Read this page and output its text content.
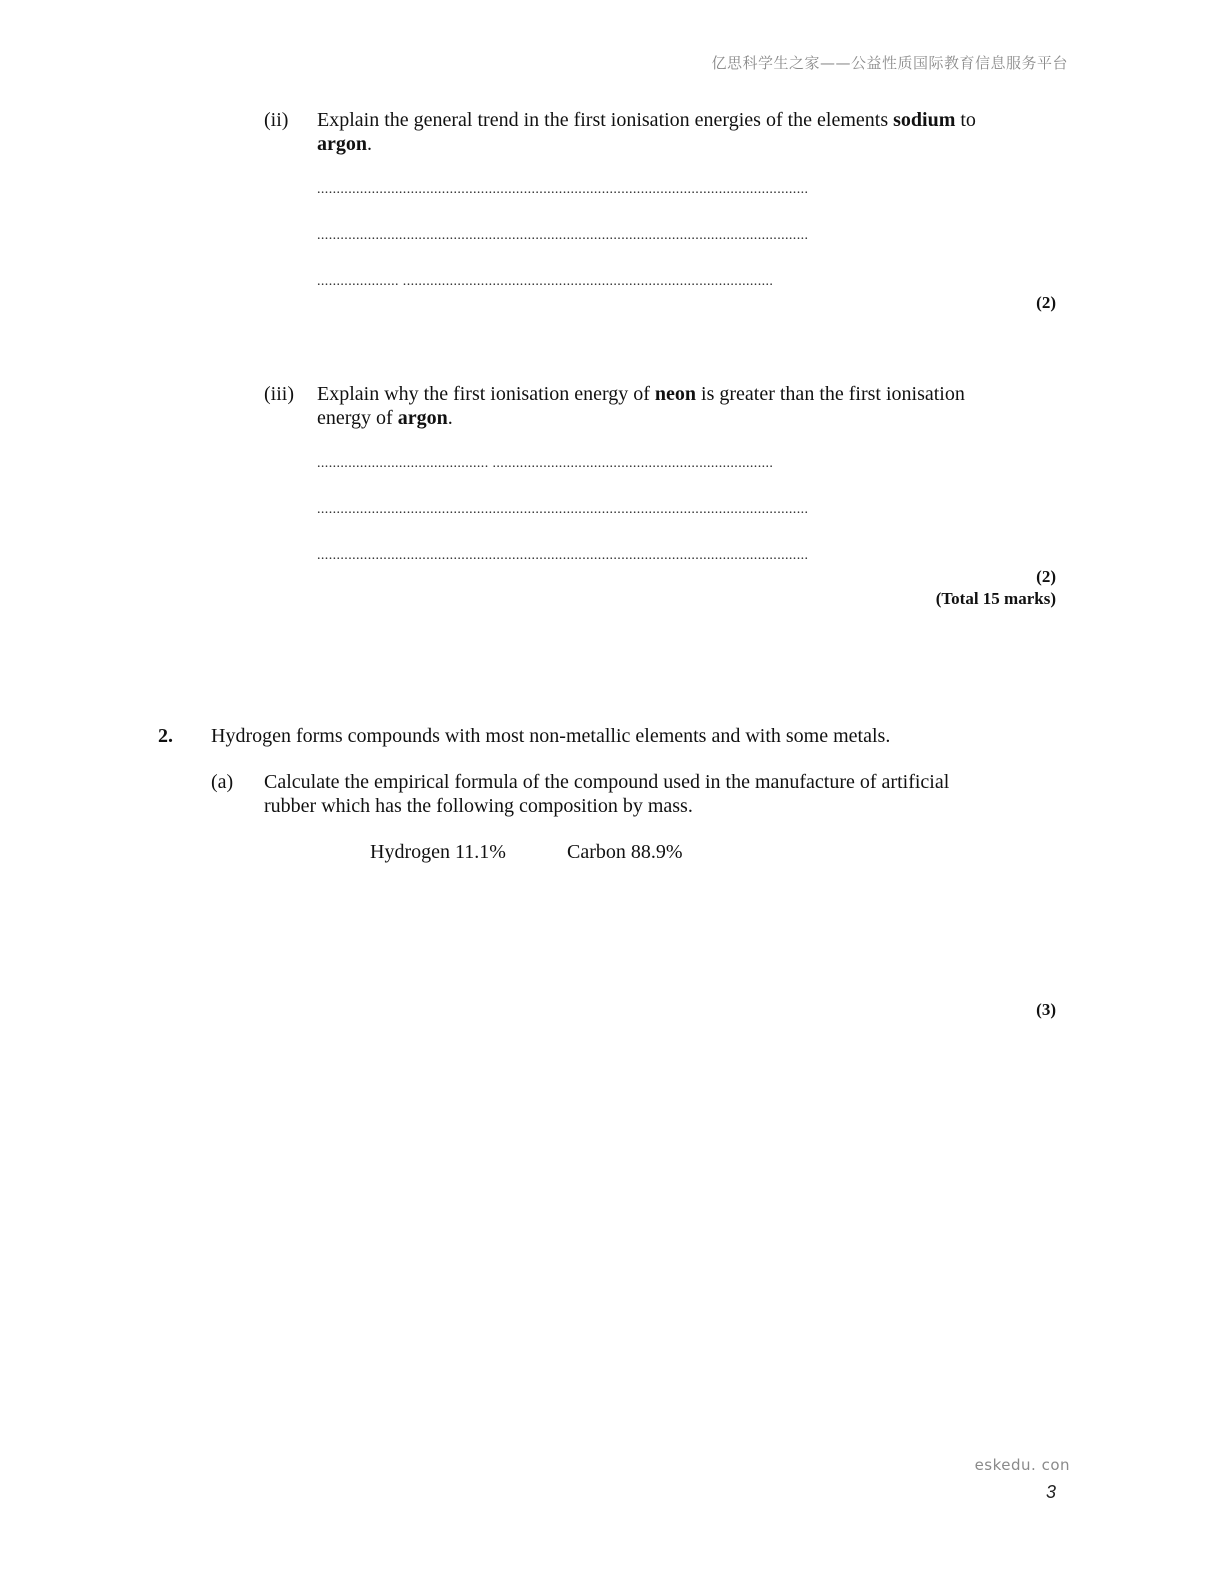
亿思科学生之家——公益性质国际教育信息服务平台
(ii) Explain the general trend in the first ionisation energies of the elements sodium to
argon.
..............................................................................................................................
..............................................................................................................................
..................... ...............................................................................................
(2)
(iii) Explain why the first ionisation energy of neon is greater than the first ionisation
energy of argon.
............................................ ........................................................................
..............................................................................................................................
..............................................................................................................................
(2)
(Total 15 marks)
2. Hydrogen forms compounds with most non-metallic elements and with some metals.
(a) Calculate the empirical formula of the compound used in the manufacture of artificial
rubber which has the following composition by mass.
Hydrogen 11.1%	Carbon 88.9%
(3)
eskedu. con
3
